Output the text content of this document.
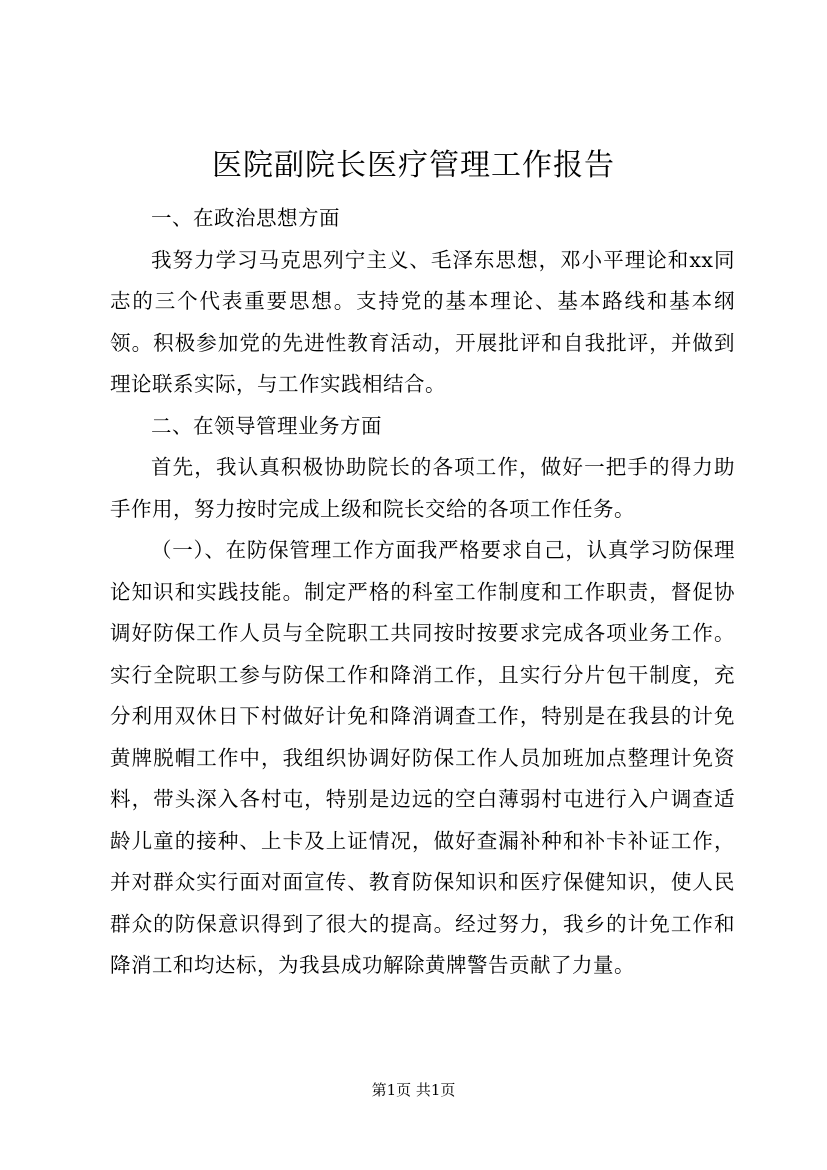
医院副院长医疗管理工作报告

一、在政治思想方面

我努力学习马克思列宁主义、毛泽东思想，邓小平理论和xx同志的三个代表重要思想。支持党的基本理论、基本路线和基本纲领。积极参加党的先进性教育活动，开展批评和自我批评，并做到理论联系实际，与工作实践相结合。

二、在领导管理业务方面

首先，我认真积极协助院长的各项工作，做好一把手的得力助手作用，努力按时完成上级和院长交给的各项工作任务。

（一）、在防保管理工作方面我严格要求自己，认真学习防保理论知识和实践技能。制定严格的科室工作制度和工作职责，督促协调好防保工作人员与全院职工共同按时按要求完成各项业务工作。实行全院职工参与防保工作和降消工作，且实行分片包干制度，充分利用双休日下村做好计免和降消调查工作，特别是在我县的计免黄牌脱帽工作中，我组织协调好防保工作人员加班加点整理计免资料，带头深入各村屯，特别是边远的空白薄弱村屯进行入户调查适龄儿童的接种、上卡及上证情况，做好查漏补种和补卡补证工作，并对群众实行面对面宣传、教育防保知识和医疗保健知识，使人民群众的防保意识得到了很大的提高。经过努力，我乡的计免工作和降消工和均达标，为我县成功解除黄牌警告贡献了力量。

第1页 共1页
